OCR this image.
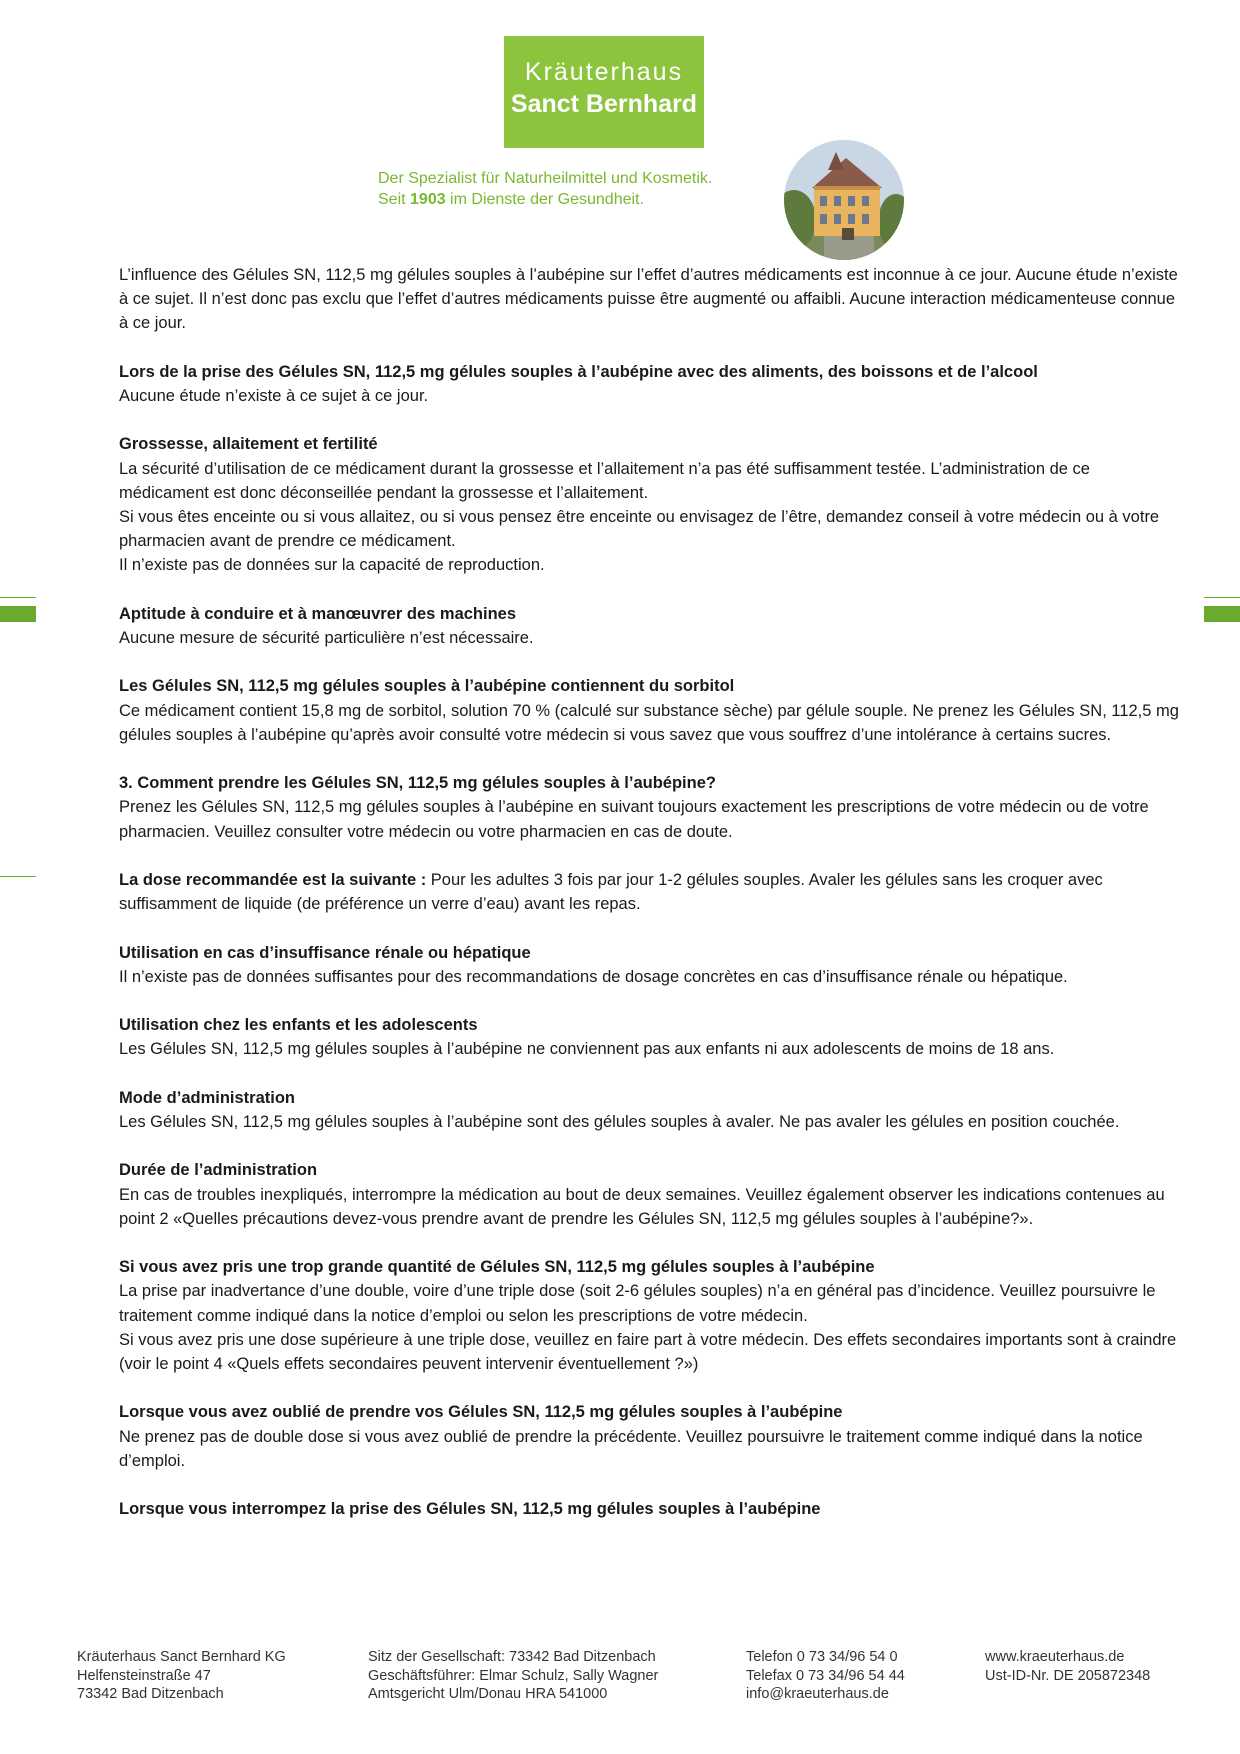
Kräuterhaus
Sanct Bernhard
Der Spezialist für Naturheilmittel und Kosmetik.
Seit 1903 im Dienste der Gesundheit.

L’influence des Gélules SN, 112,5 mg gélules souples à l’aubépine sur l’effet d’autres médicaments est inconnue à ce jour. Aucune étude n’existe à ce sujet. Il n’est donc pas exclu que l’effet d’autres médicaments puisse être augmenté ou affaibli. Aucune interaction médicamenteuse connue à ce jour.

Lors de la prise des Gélules SN, 112,5 mg gélules souples à l’aubépine avec des aliments, des boissons et de l’alcool

Aucune étude n’existe à ce sujet à ce jour.

Grossesse, allaitement et fertilité

La sécurité d’utilisation de ce médicament durant la grossesse et l’allaitement n’a pas été suffisamment testée. L’administration de ce médicament est donc déconseillée pendant la grossesse et l’allaitement.

Si vous êtes enceinte ou si vous allaitez, ou si vous pensez être enceinte ou envisagez de l’être, demandez conseil à votre médecin ou à votre pharmacien avant de prendre ce médicament.

Il n’existe pas de données sur la capacité de reproduction.

Aptitude à conduire et à manœuvrer des machines

Aucune mesure de sécurité particulière n’est nécessaire.

Les Gélules SN, 112,5 mg gélules souples à l’aubépine contiennent du sorbitol

Ce médicament contient 15,8 mg de sorbitol, solution 70 % (calculé sur substance sèche) par gélule souple. Ne prenez les Gélules SN, 112,5 mg gélules souples à l’aubépine qu’après avoir consulté votre médecin si vous savez que vous souffrez d’une intolérance à certains sucres.

3. Comment prendre les Gélules SN, 112,5 mg gélules souples à l’aubépine?

Prenez les Gélules SN, 112,5 mg gélules souples à l’aubépine en suivant toujours exactement les prescriptions de votre médecin ou de votre pharmacien. Veuillez consulter votre médecin ou votre pharmacien en cas de doute.

La dose recommandée est la suivante : Pour les adultes 3 fois par jour 1-2 gélules souples. Avaler les gélules sans les croquer avec suffisamment de liquide (de préférence un verre d’eau) avant les repas.

Utilisation en cas d’insuffisance rénale ou hépatique

Il n’existe pas de données suffisantes pour des recommandations de dosage concrètes en cas d’insuffisance rénale ou hépatique.

Utilisation chez les enfants et les adolescents

Les Gélules SN, 112,5 mg gélules souples à l’aubépine ne conviennent pas aux enfants ni aux adolescents de moins de 18 ans.

Mode d’administration

Les Gélules SN, 112,5 mg gélules souples à l’aubépine sont des gélules souples à avaler. Ne pas avaler les gélules en position couchée.

Durée de l’administration

En cas de troubles inexpliqués, interrompre la médication au bout de deux semaines. Veuillez également observer les indications contenues au point 2 «Quelles précautions devez-vous prendre avant de prendre les Gélules SN, 112,5 mg gélules souples à l’aubépine?».

Si vous avez pris une trop grande quantité de Gélules SN, 112,5 mg gélules souples à l’aubépine

La prise par inadvertance d’une double, voire d’une triple dose (soit 2-6 gélules souples) n’a en général pas d’incidence. Veuillez poursuivre le traitement comme indiqué dans la notice d’emploi ou selon les prescriptions de votre médecin.

Si vous avez pris une dose supérieure à une triple dose, veuillez en faire part à votre médecin. Des effets secondaires importants sont à craindre (voir le point 4 «Quels effets secondaires peuvent intervenir éventuellement ?»)

Lorsque vous avez oublié de prendre vos Gélules SN, 112,5 mg gélules souples à l’aubépine

Ne prenez pas de double dose si vous avez oublié de prendre la précédente. Veuillez poursuivre le traitement comme indiqué dans la notice d’emploi.

Lorsque vous interrompez la prise des Gélules SN, 112,5 mg gélules souples à l’aubépine

Kräuterhaus Sanct Bernhard KG
Helfensteinstraße 47
73342 Bad Ditzenbach
Sitz der Gesellschaft: 73342 Bad Ditzenbach
Geschäftsführer: Elmar Schulz, Sally Wagner
Amtsgericht Ulm/Donau HRA 541000
Telefon 0 73 34/96 54 0
Telefax 0 73 34/96 54 44
info@kraeuterhaus.de
www.kraeuterhaus.de
Ust-ID-Nr. DE 205872348
